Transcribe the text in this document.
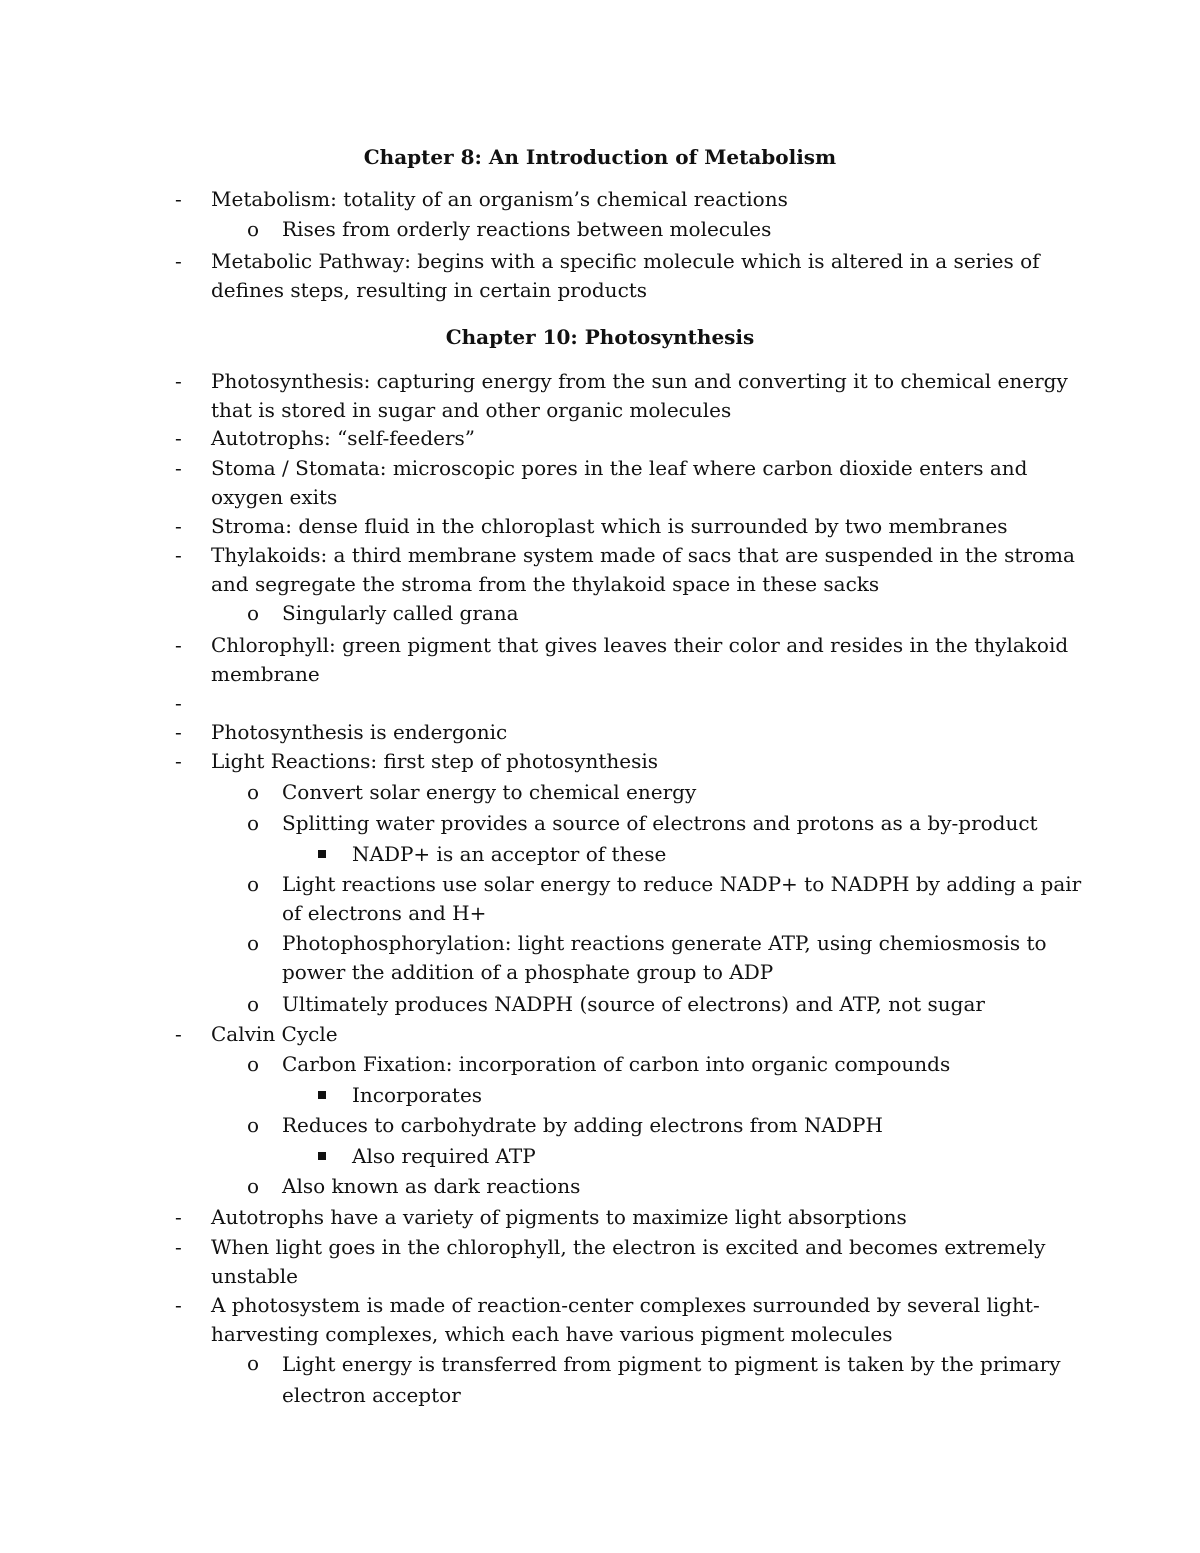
Chapter 8: An Introduction of Metabolism
- Metabolism: totality of an organism’s chemical reactions
o Rises from orderly reactions between molecules
- Metabolic Pathway: begins with a specific molecule which is altered in a series of defines steps, resulting in certain products
Chapter 10: Photosynthesis
- Photosynthesis: capturing energy from the sun and converting it to chemical energy that is stored in sugar and other organic molecules
- Autotrophs: “self-feeders”
- Stoma / Stomata: microscopic pores in the leaf where carbon dioxide enters and oxygen exits
- Stroma: dense fluid in the chloroplast which is surrounded by two membranes
- Thylakoids: a third membrane system made of sacs that are suspended in the stroma and segregate the stroma from the thylakoid space in these sacks
o Singularly called grana
- Chlorophyll: green pigment that gives leaves their color and resides in the thylakoid membrane
-
- Photosynthesis is endergonic
- Light Reactions: first step of photosynthesis
o Convert solar energy to chemical energy
o Splitting water provides a source of electrons and protons as a by-product
NADP+ is an acceptor of these
o Light reactions use solar energy to reduce NADP+ to NADPH by adding a pair of electrons and H+
o Photophosphorylation: light reactions generate ATP, using chemiosmosis to power the addition of a phosphate group to ADP
o Ultimately produces NADPH (source of electrons) and ATP, not sugar
- Calvin Cycle
o Carbon Fixation: incorporation of carbon into organic compounds
Incorporates
o Reduces to carbohydrate by adding electrons from NADPH
Also required ATP
o Also known as dark reactions
- Autotrophs have a variety of pigments to maximize light absorptions
- When light goes in the chlorophyll, the electron is excited and becomes extremely unstable
- A photosystem is made of reaction-center complexes surrounded by several light-harvesting complexes, which each have various pigment molecules
o Light energy is transferred from pigment to pigment is taken by the primary electron acceptor
